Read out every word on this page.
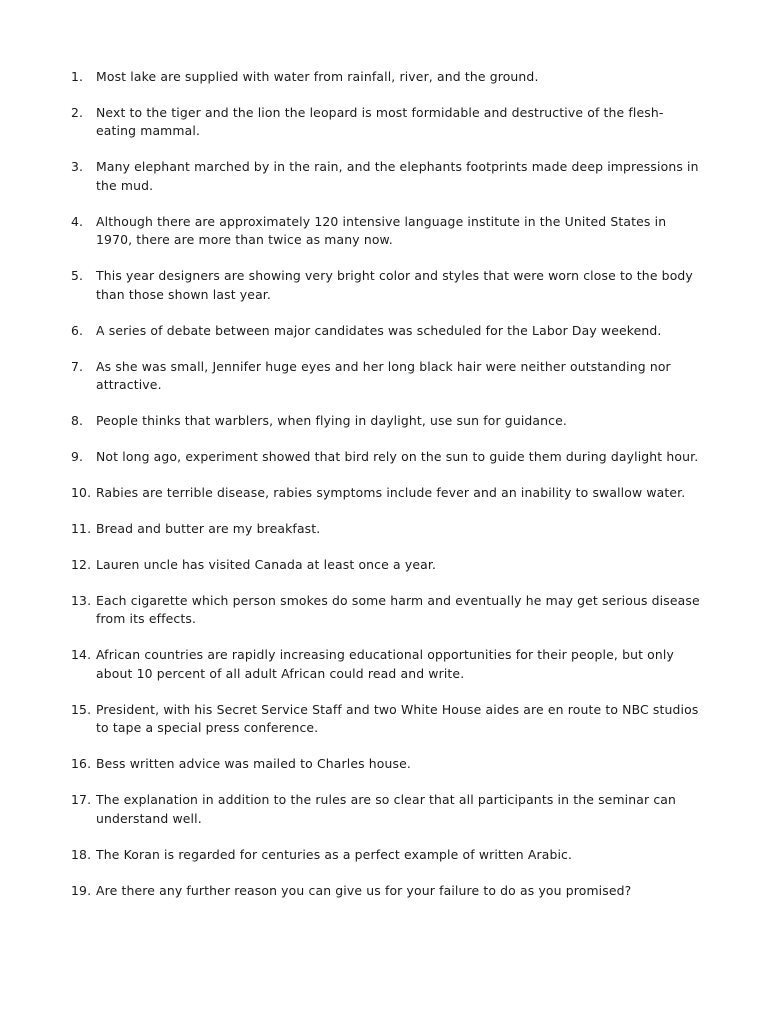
1.	Most lake are supplied with water from rainfall, river, and the ground.
2.	Next to the tiger and the lion the leopard is most formidable and destructive of the flesh-eating mammal.
3.	Many elephant marched by in the rain, and the elephants footprints made deep impressions in the mud.
4.	Although there are approximately 120 intensive language institute in the United States in 1970, there are more than twice as many now.
5.	This year designers are showing very bright color and styles that were worn close to the body than those shown last year.
6.	A series of debate between major candidates was scheduled for the Labor Day weekend.
7.	As she was small, Jennifer huge eyes and her long black hair were neither outstanding nor attractive.
8.	People thinks that warblers, when flying in daylight, use sun for guidance.
9.	Not long ago, experiment showed that bird rely on the sun to guide them during daylight hour.
10. Rabies are terrible disease, rabies symptoms include fever and an inability to swallow water.
11. Bread and butter are my breakfast.
12. Lauren uncle has visited Canada at least once a year.
13. Each cigarette which person smokes do some harm and eventually he may get serious disease from its effects.
14. African countries are rapidly increasing educational opportunities for their people, but only about 10 percent of all adult African could read and write.
15. President, with his Secret Service Staff and two White House aides are en route to NBC studios to tape a special press conference.
16. Bess written advice was mailed to Charles house.
17. The explanation in addition to the rules are so clear that all participants in the seminar can understand well.
18. The Koran is regarded for centuries as a perfect example of written Arabic.
19. Are there any further reason you can give us for your failure to do as you promised?
